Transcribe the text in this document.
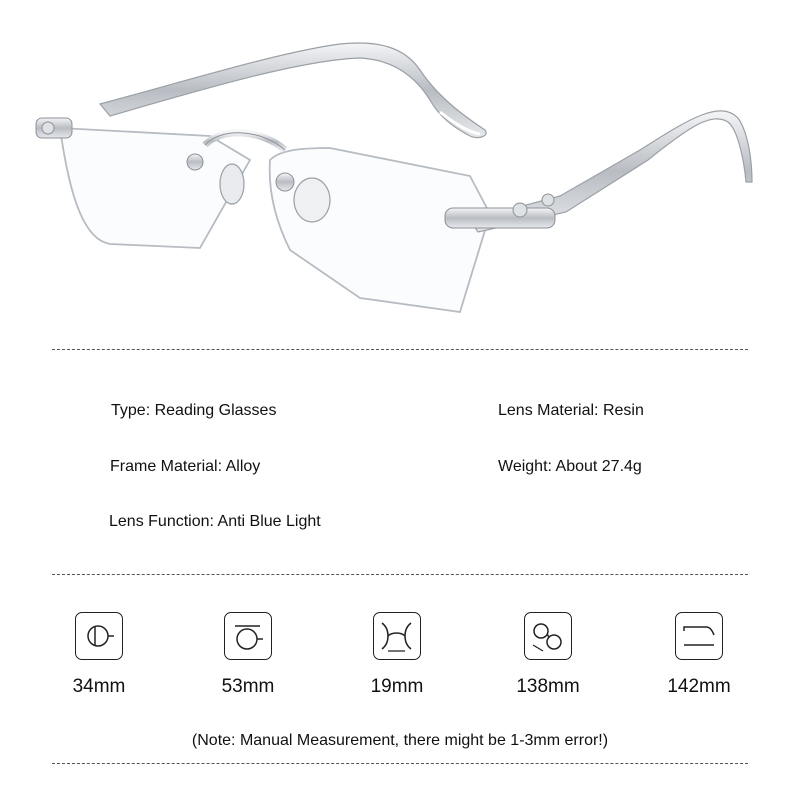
Type: Reading Glasses	Lens Material: Resin
Frame Material: Alloy	Weight: About 27.4g
Lens Function: Anti Blue Light
34mm	53mm	19mm	138mm	142mm
(Note: Manual Measurement, there might be 1-3mm error!)
